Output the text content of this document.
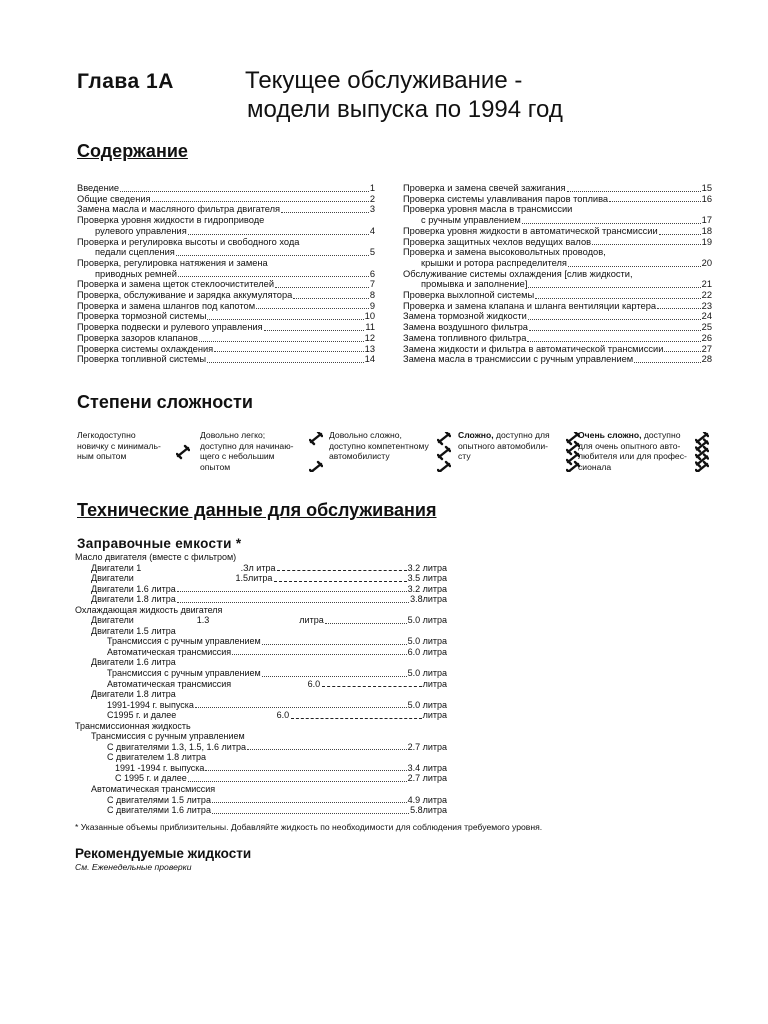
Глава 1А	Текущее обслуживание -
модели выпуска по 1994 год
Содержание
Введение	1
Общие сведения	2
Замена масла и масляного фильтра двигателя	3
Проверка уровня жидкости в гидроприводе
рулевого управления	4
Проверка и регулировка высоты и свободного хода
педали сцепления	5
Проверка, регулировка натяжения и замена
приводных ремней	6
Проверка и замена щеток стеклоочистителей	7
Проверка, обслуживание и зарядка аккумулятора	8
Проверка и замена шлангов под капотом	9
Проверка тормозной системы	10
Проверка подвески и рулевого управления	11
Проверка зазоров клапанов	12
Проверка системы охлаждения	13
Проверка топливной системы	14
Проверка и замена свечей зажигания	15
Проверка системы улавливания паров топлива	16
Проверка уровня масла в трансмиссии
с ручным управлением	17
Проверка уровня жидкости в автоматической трансмиссии	18
Проверка защитных чехлов ведущих валов	19
Проверка и замена высоковольтных проводов,
крышки и ротора распределителя	20
Обслуживание системы охлаждения [слив жидкости,
промывка и заполнение]	21
Проверка выхлопной системы	22
Проверка и замена клапана и шланга вентиляции картера	23
Замена тормозной жидкости	24
Замена воздушного фильтра	25
Замена топливного фильтра	26
Замена жидкости и фильтра в автоматической трансмиссии	27
Замена масла в трансмиссии с ручным управлением	28
Степени сложности
Легкодоступно
новичку с минималь-
ным опытом
Довольно легко;
доступно для начинаю-
щего с небольшим
опытом
Довольно сложно,
доступно компетентному
автомобилисту
Сложно, доступно для
опытного автомобили-
сту
Очень сложно, доступно
для очень опытного авто-
любителя или для профес-
сионала
Технические данные для обслуживания
Заправочные емкости *
Масло двигателя (вместе с фильтром)
Двигатели 1	.Зл итра	3.2 литра
Двигатели	1.5литра	3.5 литра
Двигатели 1.6 литра	3.2 литра
Двигатели 1.8 литра	3.8литра
Охлаждающая жидкость двигателя
Двигатели	1.3	литра	5.0 литра
Двигатели 1.5 литра
Трансмиссия с ручным управлением	5.0 литра
Автоматическая трансмиссия	6.0 литра
Двигатели 1.6 литра
Трансмиссия с ручным управлением	5.0 литра
Автоматическая трансмиссия	6.0	литра
Двигатели 1.8 литра
1991-1994 г. выпуска	5.0 литра
С1995 г. и далее	6.0	литра
Трансмиссионная жидкость
Трансмиссия с ручным управлением
С двигателями 1.3, 1.5, 1.6 литра	2.7 литра
С двигателем 1.8 литра
1991 -1994 г. выпуска	3.4 литра
С 1995 г. и далее	2.7 литра
Автоматическая трансмиссия
С двигателями 1.5 литра	4.9 литра
С двигателями 1.6 литра	5.8литра
* Указанные объемы приблизительны. Добавляйте жидкость по необходимости для соблюдения требуемого уровня.
Рекомендуемые жидкости
См. Еженедельные проверки
